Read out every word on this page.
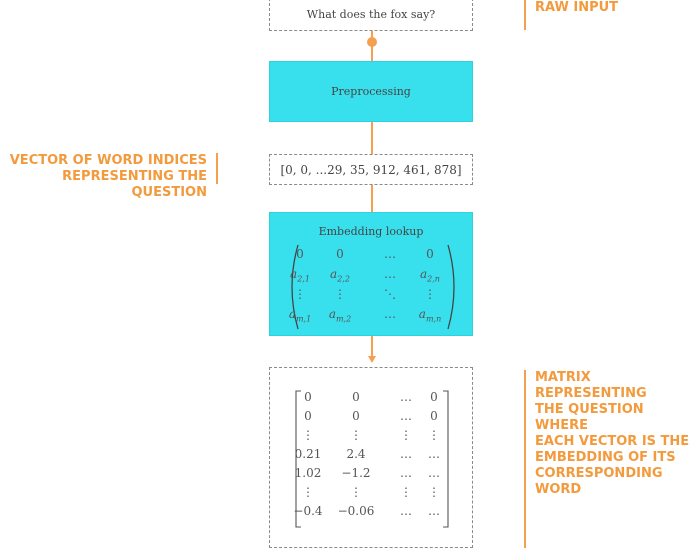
What does the fox say?	RAW INPUT
Preprocessing
[0, 0, ...29, 35, 912, 461, 878]
VECTOR OF WORD INDICES
REPRESENTING THE QUESTION
Embedding lookup
0	0	…	0
$a_{2,1}$	$a_{2,2}$	…	$a_{2,n}$
⋮	⋮	⋱	⋮
$a_{m,1}$	$a_{m,2}$	…	$a_{m,n}$
0	0	…	0
0	0	…	0
⋮	⋮	⋮	⋮
0.21	2.4	…	…
1.02	−1.2	…	…
⋮	⋮	⋮	⋮
−0.4	−0.06	…	…
MATRIX REPRESENTING
THE QUESTION WHERE
EACH VECTOR IS THE
EMBEDDING OF ITS
CORRESPONDING WORD
